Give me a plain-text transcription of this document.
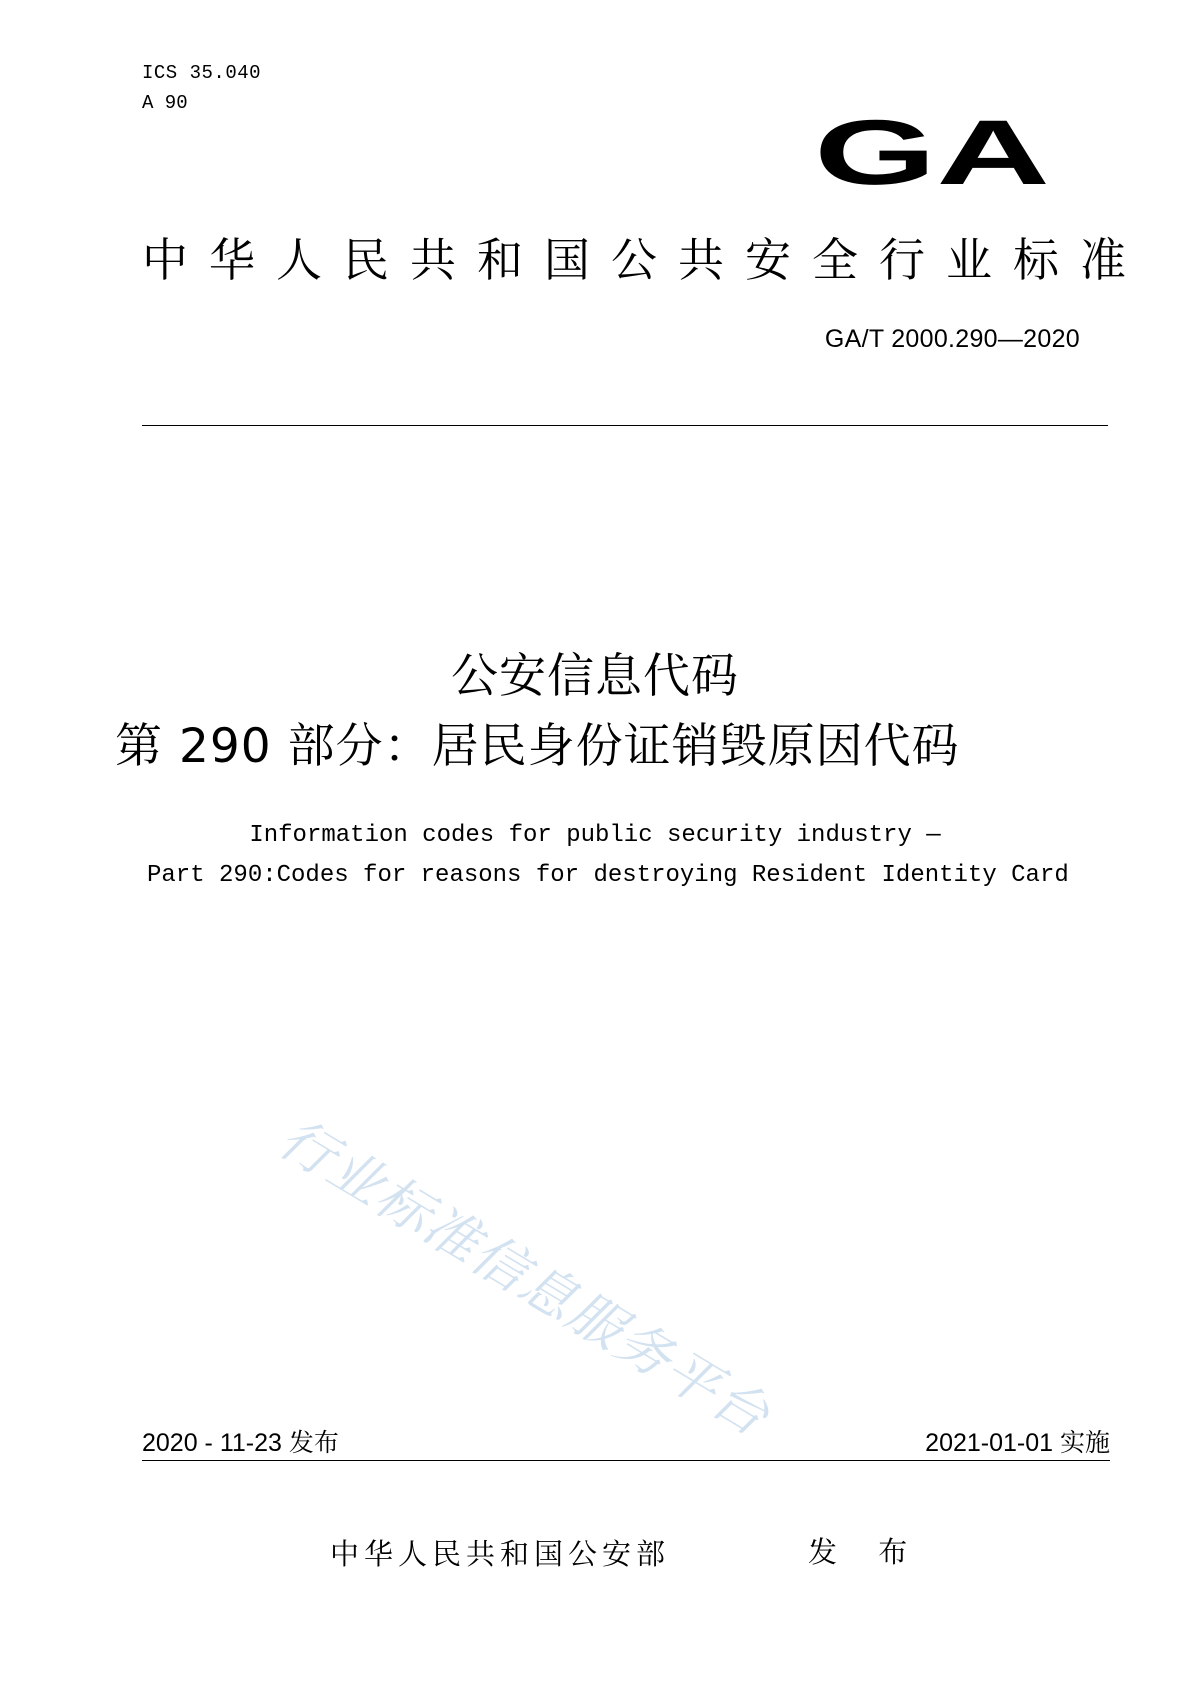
ICS 35.040
A 90	GA
中华人民共和国公共安全行业标准
GA/T 2000.290—2020
公安信息代码
第 290 部分：居民身份证销毁原因代码
Information codes for public security industry —
Part 290:Codes for reasons for destroying Resident Identity Card
行业标准信息服务平台
2020 - 11-23 发布	2021-01-01 实施
中华人民共和国公安部	发 布
